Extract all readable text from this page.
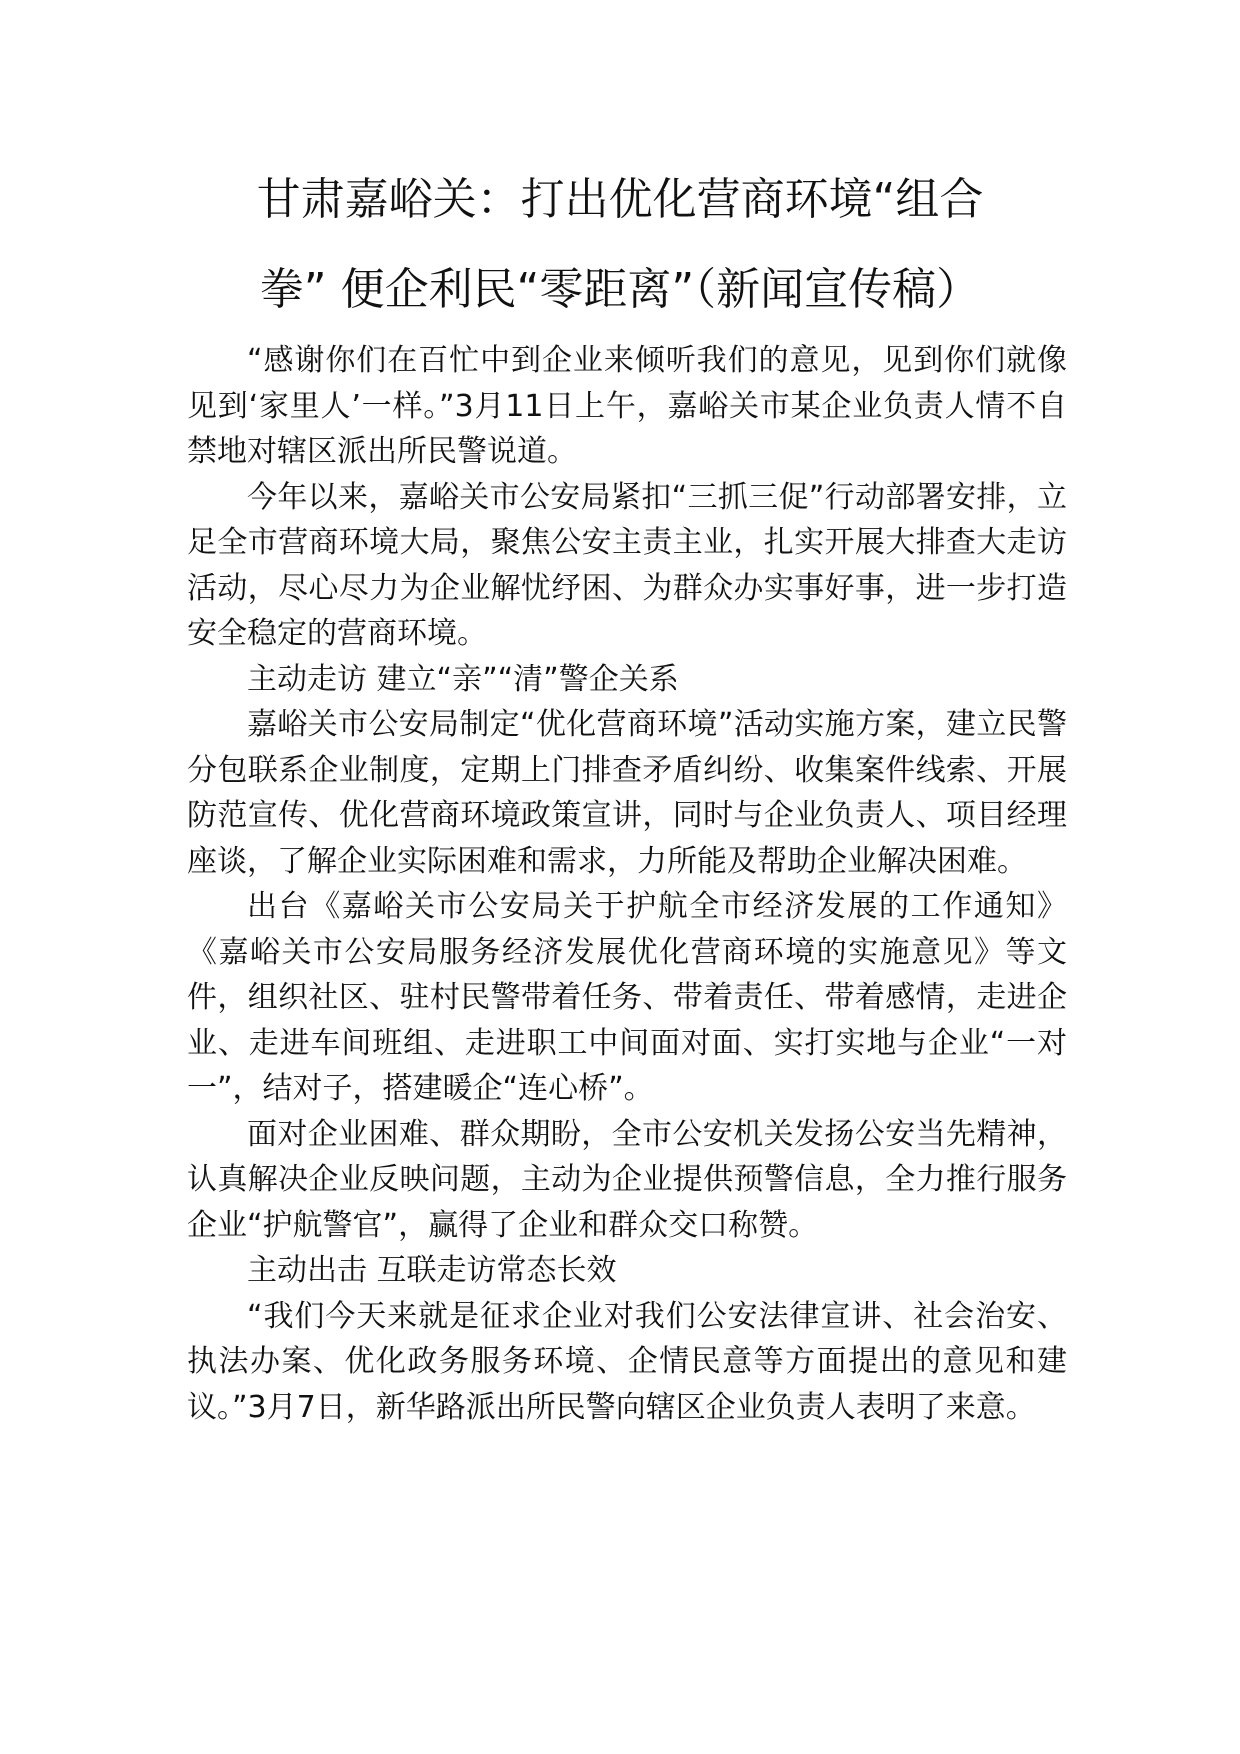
甘肃嘉峪关：打出优化营商环境“组合
拳” 便企利民“零距离”（新闻宣传稿）

“感谢你们在百忙中到企业来倾听我们的意见，见到你们就像见到‘家里人’一样。”3月11日上午，嘉峪关市某企业负责人情不自禁地对辖区派出所民警说道。

今年以来，嘉峪关市公安局紧扣“三抓三促”行动部署安排，立足全市营商环境大局，聚焦公安主责主业，扎实开展大排查大走访活动，尽心尽力为企业解忧纾困、为群众办实事好事，进一步打造安全稳定的营商环境。

主动走访 建立“亲”“清”警企关系

嘉峪关市公安局制定“优化营商环境”活动实施方案，建立民警分包联系企业制度，定期上门排查矛盾纠纷、收集案件线索、开展防范宣传、优化营商环境政策宣讲，同时与企业负责人、项目经理座谈，了解企业实际困难和需求，力所能及帮助企业解决困难。

出台《嘉峪关市公安局关于护航全市经济发展的工作通知》《嘉峪关市公安局服务经济发展优化营商环境的实施意见》等文件，组织社区、驻村民警带着任务、带着责任、带着感情，走进企业、走进车间班组、走进职工中间面对面、实打实地与企业“一对一”，结对子，搭建暖企“连心桥”。

面对企业困难、群众期盼，全市公安机关发扬公安当先精神，认真解决企业反映问题，主动为企业提供预警信息，全力推行服务企业“护航警官”，赢得了企业和群众交口称赞。

主动出击 互联走访常态长效

“我们今天来就是征求企业对我们公安法律宣讲、社会治安、执法办案、优化政务服务环境、企情民意等方面提出的意见和建议。”3月7日，新华路派出所民警向辖区企业负责人表明了来意。
